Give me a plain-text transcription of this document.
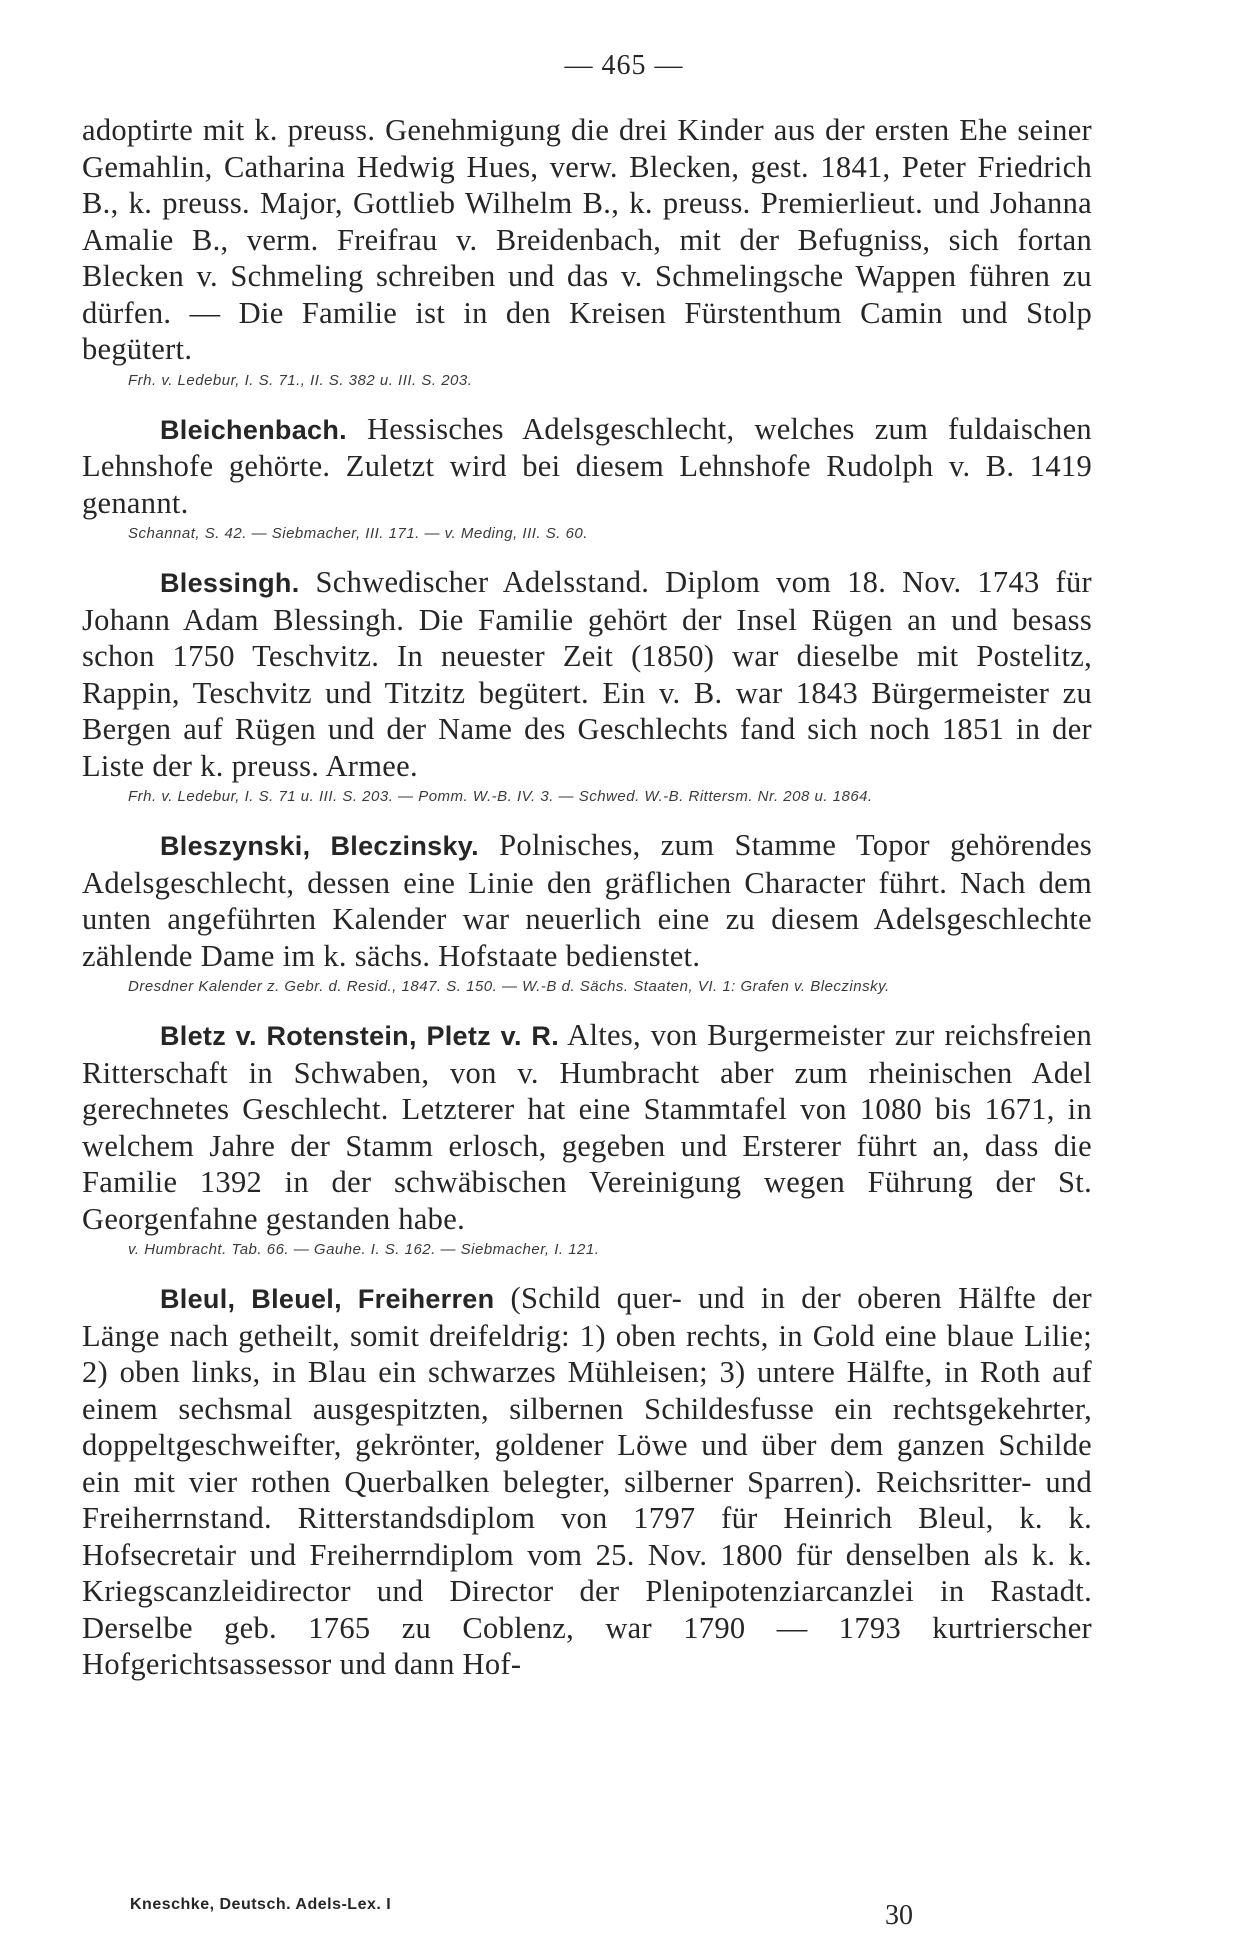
— 465 —

adoptirte mit k. preuss. Genehmigung die drei Kinder aus der ersten Ehe seiner Gemahlin, Catharina Hedwig Hues, verw. Blecken, gest. 1841, Peter Friedrich B., k. preuss. Major, Gottlieb Wilhelm B., k. preuss. Premierlieut. und Johanna Amalie B., verm. Freifrau v. Breidenbach, mit der Befugniss, sich fortan Blecken v. Schmeling schreiben und das v. Schmelingsche Wappen führen zu dürfen. — Die Familie ist in den Kreisen Fürstenthum Camin und Stolp begütert.

Frh. v. Ledebur, I. S. 71., II. S. 382 u. III. S. 203.

Bleichenbach. Hessisches Adelsgeschlecht, welches zum fuldaischen Lehnshofe gehörte. Zuletzt wird bei diesem Lehnshofe Rudolph v. B. 1419 genannt.

Schannat, S. 42. — Siebmacher, III. 171. — v. Meding, III. S. 60.

Blessingh. Schwedischer Adelsstand. Diplom vom 18. Nov. 1743 für Johann Adam Blessingh. Die Familie gehört der Insel Rügen an und besass schon 1750 Teschvitz. In neuester Zeit (1850) war dieselbe mit Postelitz, Rappin, Teschvitz und Titzitz begütert. Ein v. B. war 1843 Bürgermeister zu Bergen auf Rügen und der Name des Geschlechts fand sich noch 1851 in der Liste der k. preuss. Armee.

Frh. v. Ledebur, I. S. 71 u. III. S. 203. — Pomm. W.-B. IV. 3. — Schwed. W.-B. Rittersm. Nr. 208 u. 1864.

Bleszynski, Bleczinsky. Polnisches, zum Stamme Topor gehörendes Adelsgeschlecht, dessen eine Linie den gräflichen Character führt. Nach dem unten angeführten Kalender war neuerlich eine zu diesem Adelsgeschlechte zählende Dame im k. sächs. Hofstaate bedienstet.

Dresdner Kalender z. Gebr. d. Resid., 1847. S. 150. — W.-B d. Sächs. Staaten, VI. 1: Grafen v. Bleczinsky.

Bletz v. Rotenstein, Pletz v. R. Altes, von Burgermeister zur reichsfreien Ritterschaft in Schwaben, von v. Humbracht aber zum rheinischen Adel gerechnetes Geschlecht. Letzterer hat eine Stammtafel von 1080 bis 1671, in welchem Jahre der Stamm erlosch, gegeben und Ersterer führt an, dass die Familie 1392 in der schwäbischen Vereinigung wegen Führung der St. Georgenfahne gestanden habe.

v. Humbracht. Tab. 66. — Gauhe. I. S. 162. — Siebmacher, I. 121.

Bleul, Bleuel, Freiherren (Schild quer- und in der oberen Hälfte der Länge nach getheilt, somit dreifeldrig: 1) oben rechts, in Gold eine blaue Lilie; 2) oben links, in Blau ein schwarzes Mühleisen; 3) untere Hälfte, in Roth auf einem sechsmal ausgespitzten, silbernen Schildesfusse ein rechtsgekehrter, doppeltgeschweifter, gekrönter, goldener Löwe und über dem ganzen Schilde ein mit vier rothen Querbalken belegter, silberner Sparren). Reichsritter- und Freiherrnstand. Ritterstandsdiplom von 1797 für Heinrich Bleul, k. k. Hofsecretair und Freiherrndiplom vom 25. Nov. 1800 für denselben als k. k. Kriegscanzleidirector und Director der Plenipotenziarcanzlei in Rastadt. Derselbe geb. 1765 zu Coblenz, war 1790 — 1793 kurtrierscher Hofgerichtsassessor und dann Hof-

Kneschke, Deutsch. Adels-Lex. I	30
